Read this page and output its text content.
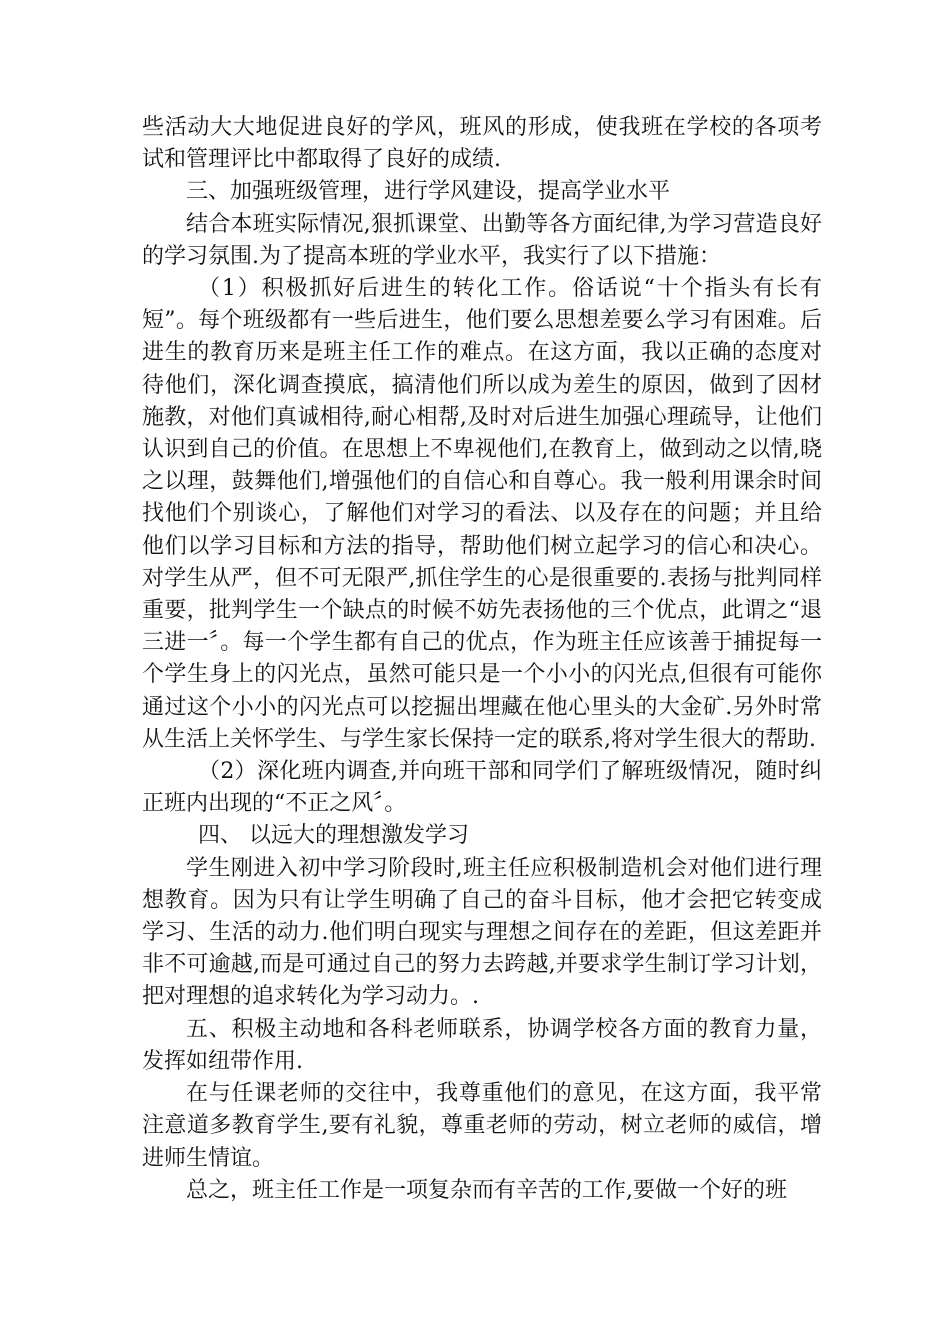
些活动大大地促进良好的学风，班风的形成，使我班在学校的各项考试和管理评比中都取得了良好的成绩.

三、加强班级管理，进行学风建设，提高学业水平

结合本班实际情况,狠抓课堂、出勤等各方面纪律,为学习营造良好的学习氛围.为了提高本班的学业水平，我实行了以下措施：

（1）积极抓好后进生的转化工作。俗话说“十个指头有长有短”。每个班级都有一些后进生，他们要么思想差要么学习有困难。后进生的教育历来是班主任工作的难点。在这方面，我以正确的态度对待他们，深化调查摸底，搞清他们所以成为差生的原因，做到了因材施教，对他们真诚相待,耐心相帮,及时对后进生加强心理疏导，让他们认识到自己的价值。在思想上不卑视他们,在教育上，做到动之以情,晓之以理，鼓舞他们,增强他们的自信心和自尊心。我一般利用课余时间找他们个别谈心，了解他们对学习的看法、以及存在的问题；并且给他们以学习目标和方法的指导，帮助他们树立起学习的信心和决心。对学生从严，但不可无限严,抓住学生的心是很重要的.表扬与批判同样重要，批判学生一个缺点的时候不妨先表扬他的三个优点，此谓之“退三进一〞。每一个学生都有自己的优点，作为班主任应该善于捕捉每一个学生身上的闪光点，虽然可能只是一个小小的闪光点,但很有可能你通过这个小小的闪光点可以挖掘出埋藏在他心里头的大金矿.另外时常从生活上关怀学生、与学生家长保持一定的联系,将对学生很大的帮助.

（2）深化班内调查,并向班干部和同学们了解班级情况，随时纠正班内出现的“不正之风〞。

四、 以远大的理想激发学习

学生刚进入初中学习阶段时,班主任应积极制造机会对他们进行理想教育。因为只有让学生明确了自己的奋斗目标，他才会把它转变成学习、生活的动力.他们明白现实与理想之间存在的差距，但这差距并非不可逾越,而是可通过自己的努力去跨越,并要求学生制订学习计划，把对理想的追求转化为学习动力。.

五、积极主动地和各科老师联系，协调学校各方面的教育力量，发挥如纽带作用.

在与任课老师的交往中，我尊重他们的意见，在这方面，我平常注意道多教育学生,要有礼貌，尊重老师的劳动，树立老师的威信，增进师生情谊。

总之，班主任工作是一项复杂而有辛苦的工作,要做一个好的班
